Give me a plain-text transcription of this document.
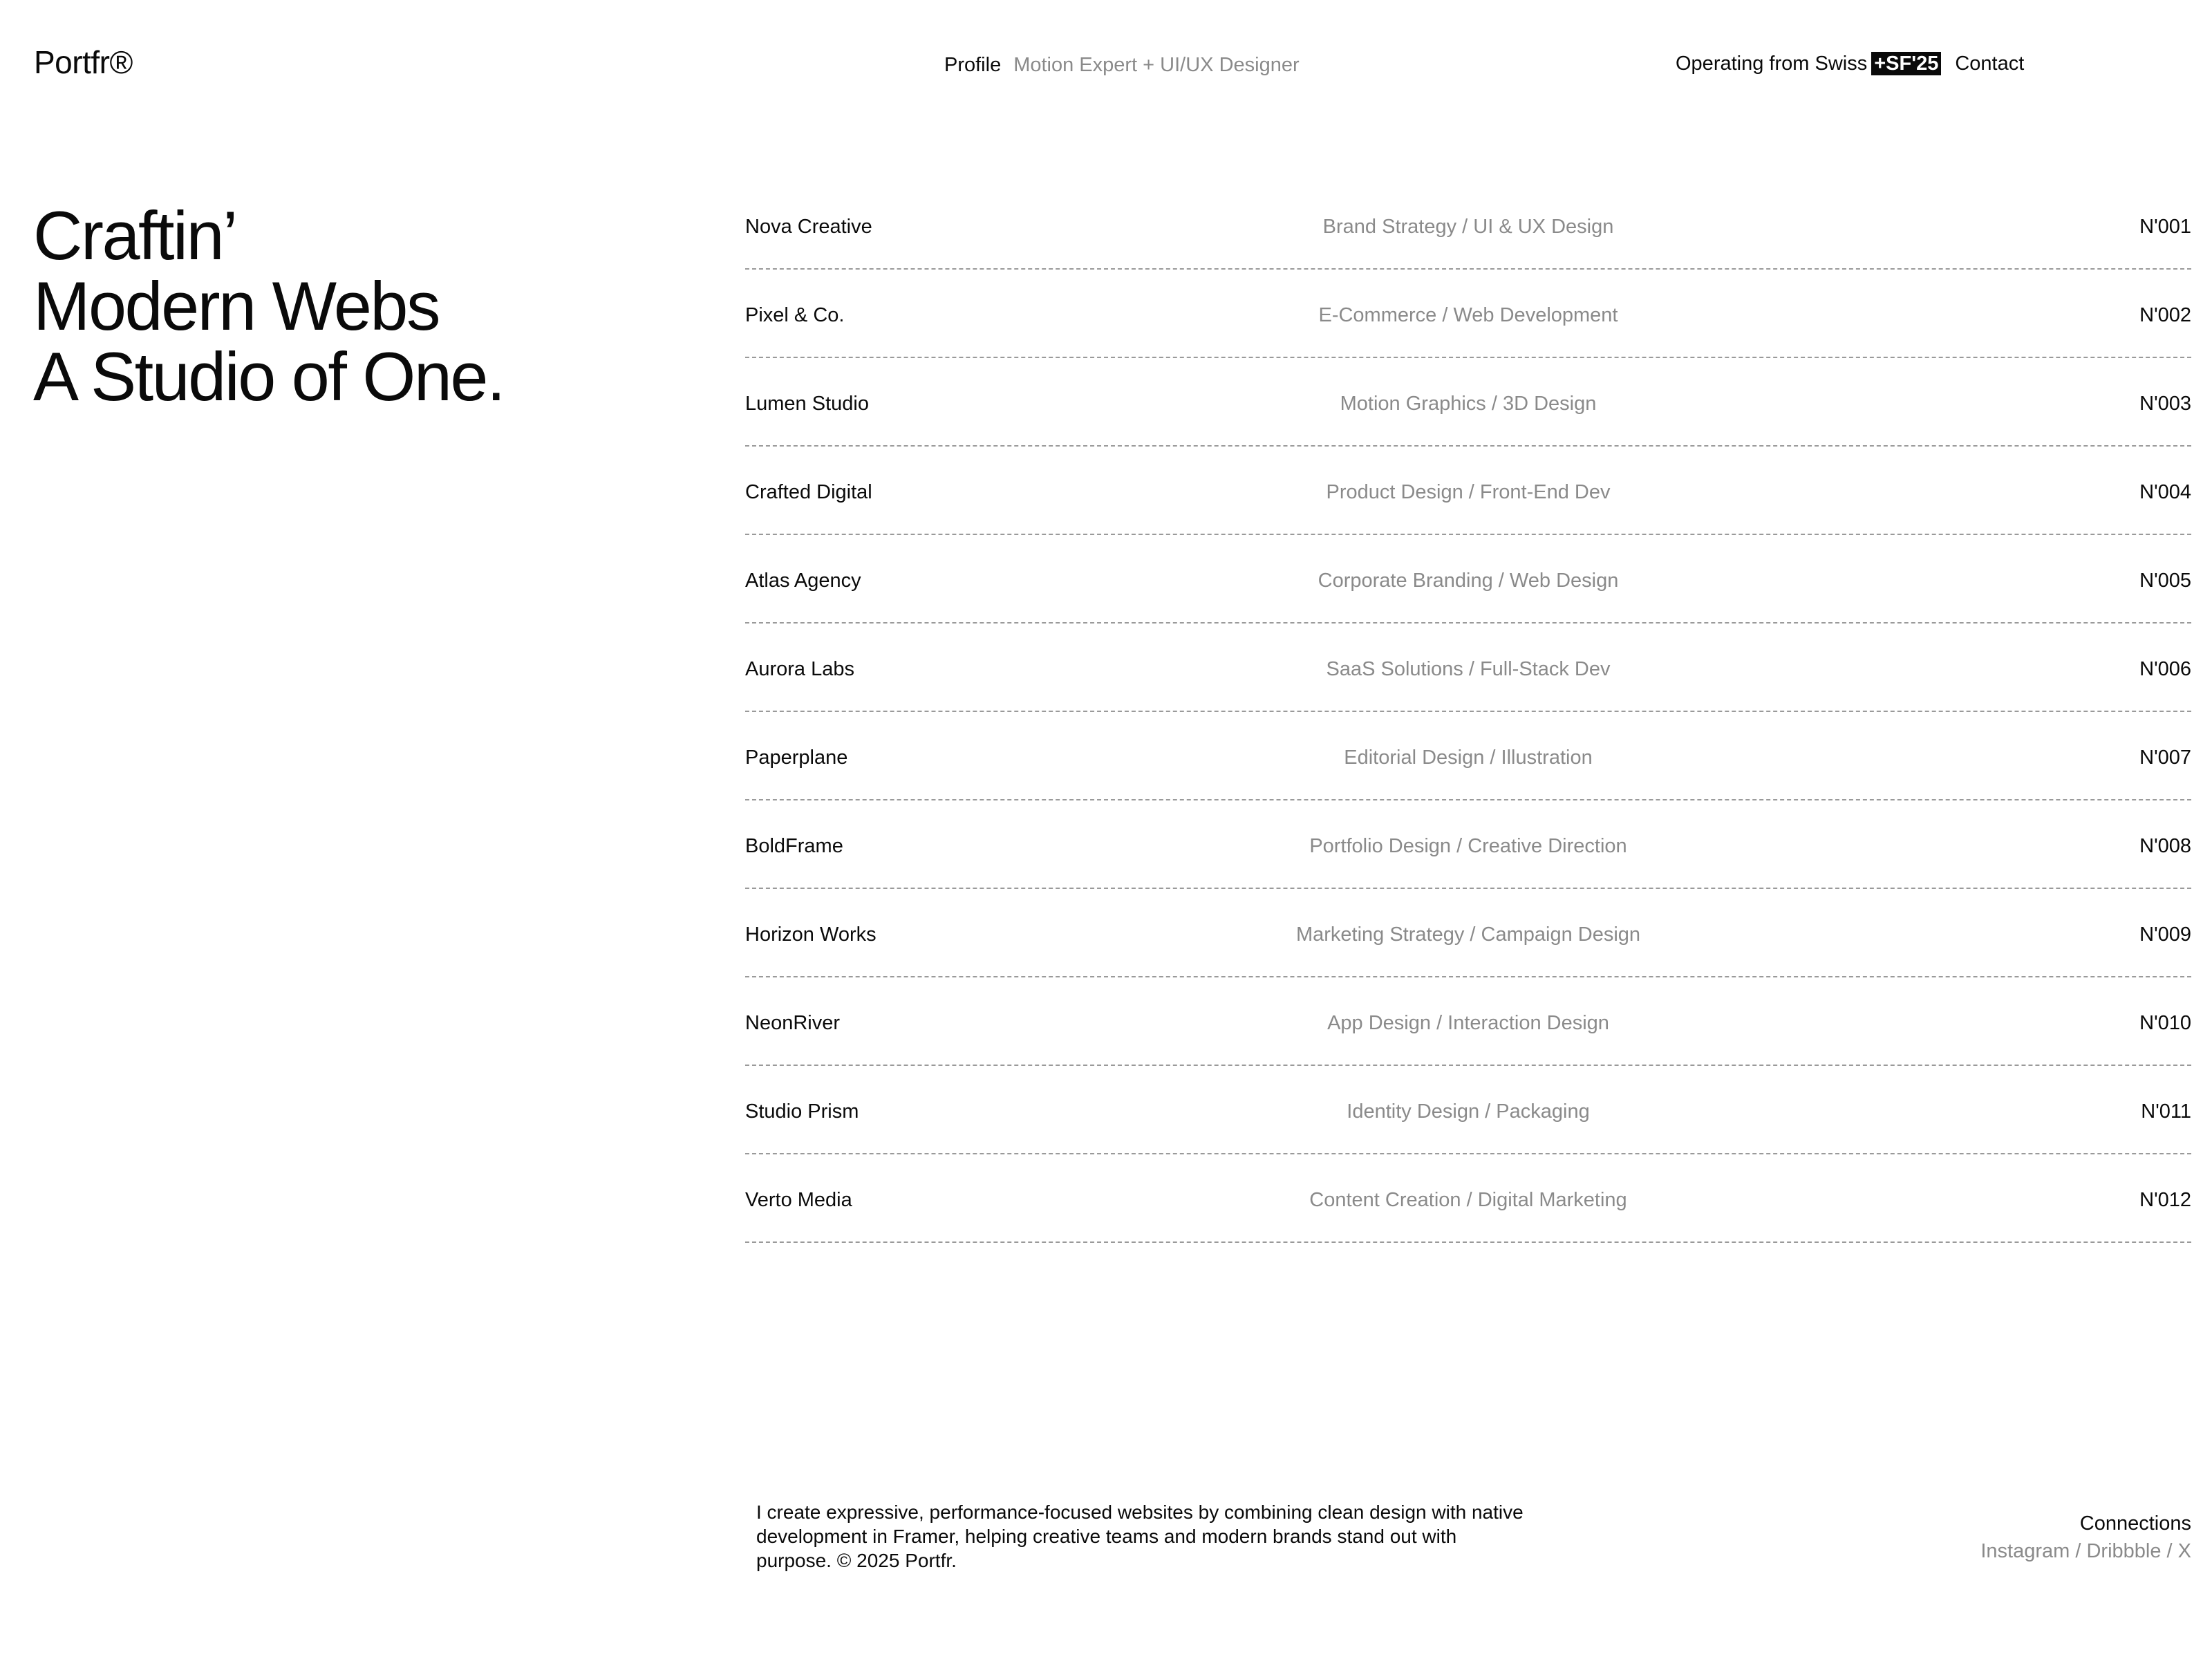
Portfr®	Profile Motion Expert + UI/UX Designer	Operating from Swiss +SF'25 Contact
Craftin’
Modern Webs
A Studio of One.
Nova Creative	Brand Strategy / UI & UX Design	N'001
Pixel & Co.	E-Commerce / Web Development	N'002
Lumen Studio	Motion Graphics / 3D Design	N'003
Crafted Digital	Product Design / Front-End Dev	N'004
Atlas Agency	Corporate Branding / Web Design	N'005
Aurora Labs	SaaS Solutions / Full-Stack Dev	N'006
Paperplane	Editorial Design / Illustration	N'007
BoldFrame	Portfolio Design / Creative Direction	N'008
Horizon Works	Marketing Strategy / Campaign Design	N'009
NeonRiver	App Design / Interaction Design	N'010
Studio Prism	Identity Design / Packaging	N'011
Verto Media	Content Creation / Digital Marketing	N'012
I create expressive, performance-focused websites by combining clean design with native development in Framer, helping creative teams and modern brands stand out with purpose. © 2025 Portfr.
Connections
Instagram / Dribbble / X
